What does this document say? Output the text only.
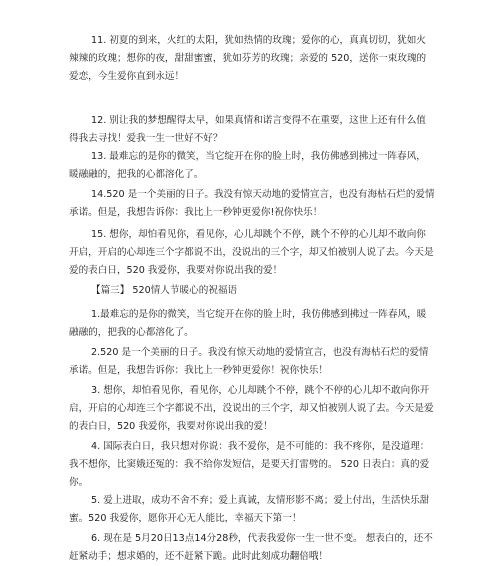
11. 初夏的到来，火红的太阳，犹如热情的玫瑰；爱你的心，真真切切，犹如火辣辣的玫瑰；想你的夜，甜甜蜜蜜，犹如芬芳的玫瑰；亲爱的 520，送你一束玫瑰的爱恋，今生爱你直到永远！

12. 别让我的梦想醒得太早，如果真情和诺言变得不在重要，这世上还有什么值得我去寻找！爱我一生一世好不好？

13. 最难忘的是你的微笑，当它绽开在你的脸上时，我仿佛感到拂过一阵春风，暖融融的，把我的心都溶化了。

14.520 是一个美丽的日子。我没有惊天动地的爱情宣言，也没有海枯石烂的爱情承诺。但是，我想告诉你：我比上一秒钟更爱你!祝你快乐！

15. 想你，却怕看见你，看见你，心儿却跳个不停，跳个不停的心儿却不敢向你开启，开启的心却连三个字都说不出，没说出的三个字，却又怕被别人说了去。今天是爱的表白日，520 我爱你，我要对你说出我的爱！

【篇三】 520情人节暖心的祝福语

1.最难忘的是你的微笑，当它绽开在你的脸上时，我仿佛感到拂过一阵春风，暖融融的，把我的心都溶化了。

2.520 是一个美丽的日子。我没有惊天动地的爱情宣言，也没有海枯石烂的爱情承诺。但是，我想告诉你：我比上一秒钟更爱你！祝你快乐！

3. 想你，却怕看见你，看见你，心儿却跳个不停，跳个不停的心儿却不敢向你开启，开启的心却连三个字都说不出，没说出的三个字，却又怕被别人说了去。今天是爱的表白日，520 我爱你，我要对你说出我的爱！

4. 国际表白日，我只想对你说：我不爱你，是不可能的：我不疼你，是没道理：我不想你，比窦娥还冤的：我不给你发短信，是要天打雷劈的。 520 日表白：真的爱你。

5. 爱上进取，成功不舍不弃；爱上真诚，友情形影不离；爱上付出，生活快乐甜蜜。520 我爱你，愿你开心无人能比，幸福天下第一！

6. 现在是 5月20日13点14分28秒，代表我爱你一生一世不变。 想表白的，还不赶紧动手；想求婚的，还不赶紧下跪。此时此刻成功翻倍哦！
